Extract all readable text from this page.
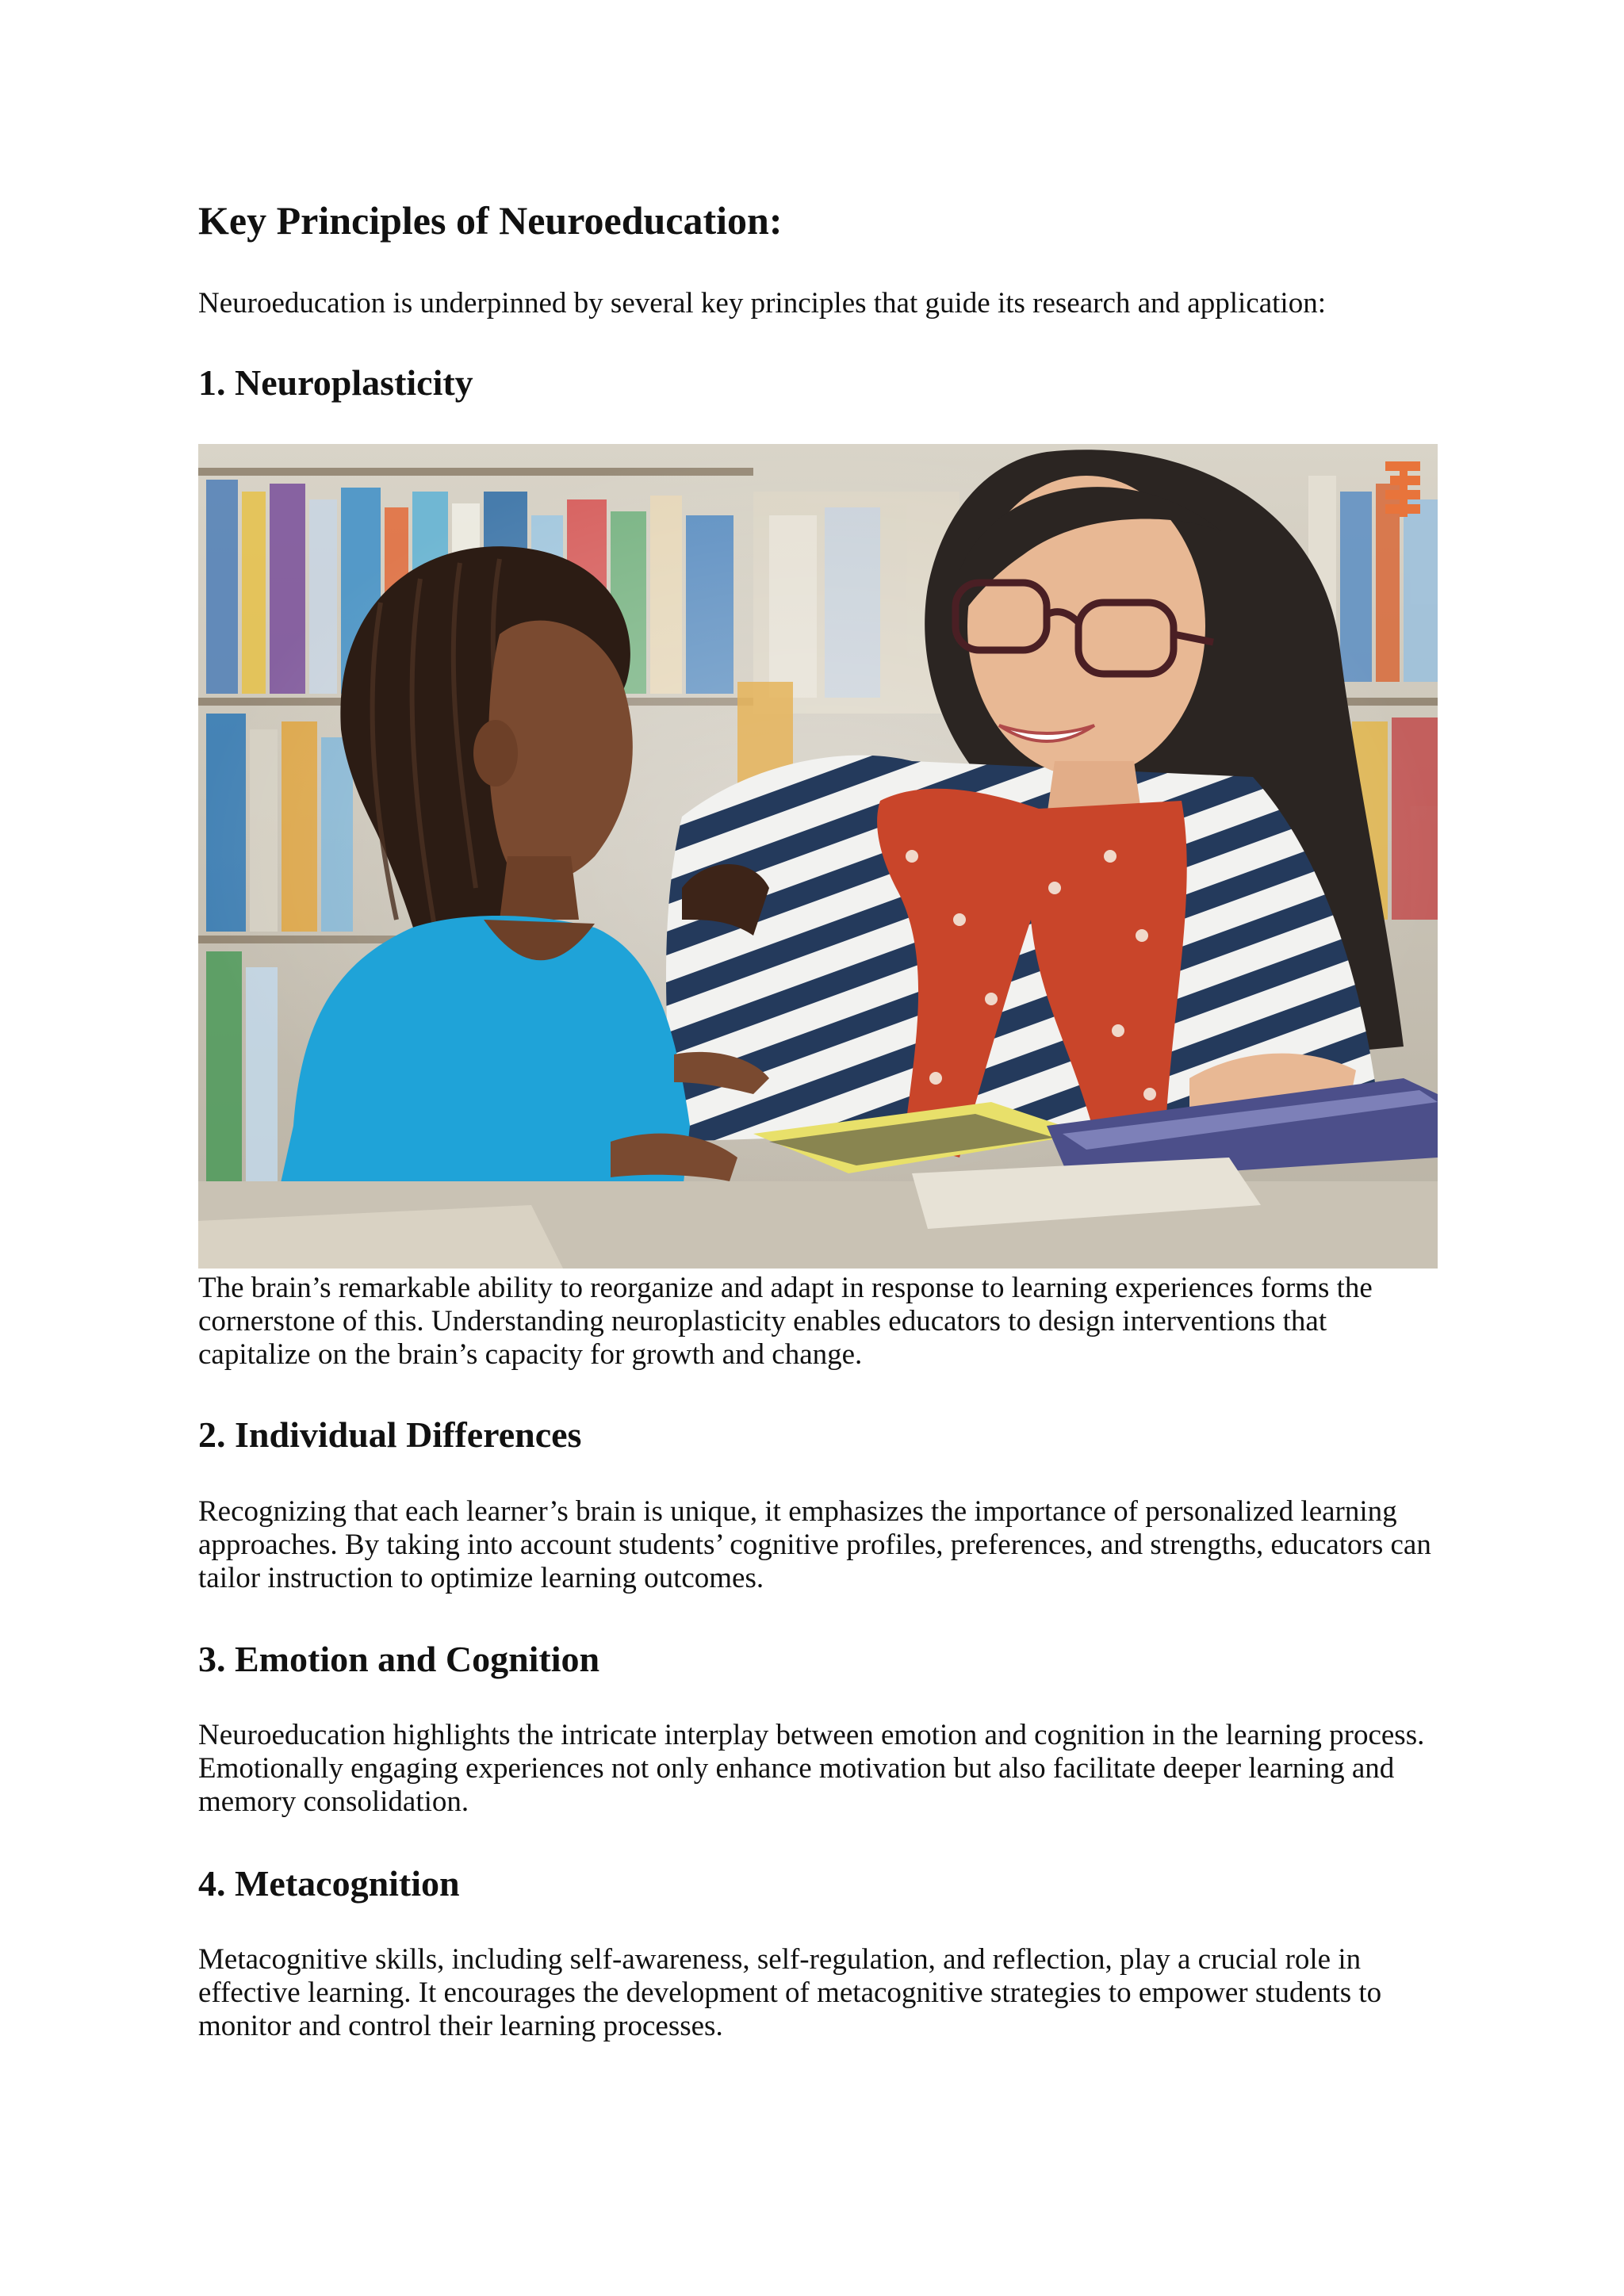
Key Principles of Neuroeducation:

Neuroeducation is underpinned by several key principles that guide its research and application:

1. Neuroplasticity

The brain’s remarkable ability to reorganize and adapt in response to learning experiences forms the cornerstone of this. Understanding neuroplasticity enables educators to design interventions that capitalize on the brain’s capacity for growth and change.

2. Individual Differences

Recognizing that each learner’s brain is unique, it emphasizes the importance of personalized learning approaches. By taking into account students’ cognitive profiles, preferences, and strengths, educators can tailor instruction to optimize learning outcomes.

3. Emotion and Cognition

Neuroeducation highlights the intricate interplay between emotion and cognition in the learning process. Emotionally engaging experiences not only enhance motivation but also facilitate deeper learning and memory consolidation.

4. Metacognition

Metacognitive skills, including self-awareness, self-regulation, and reflection, play a crucial role in effective learning. It encourages the development of metacognitive strategies to empower students to monitor and control their learning processes.
